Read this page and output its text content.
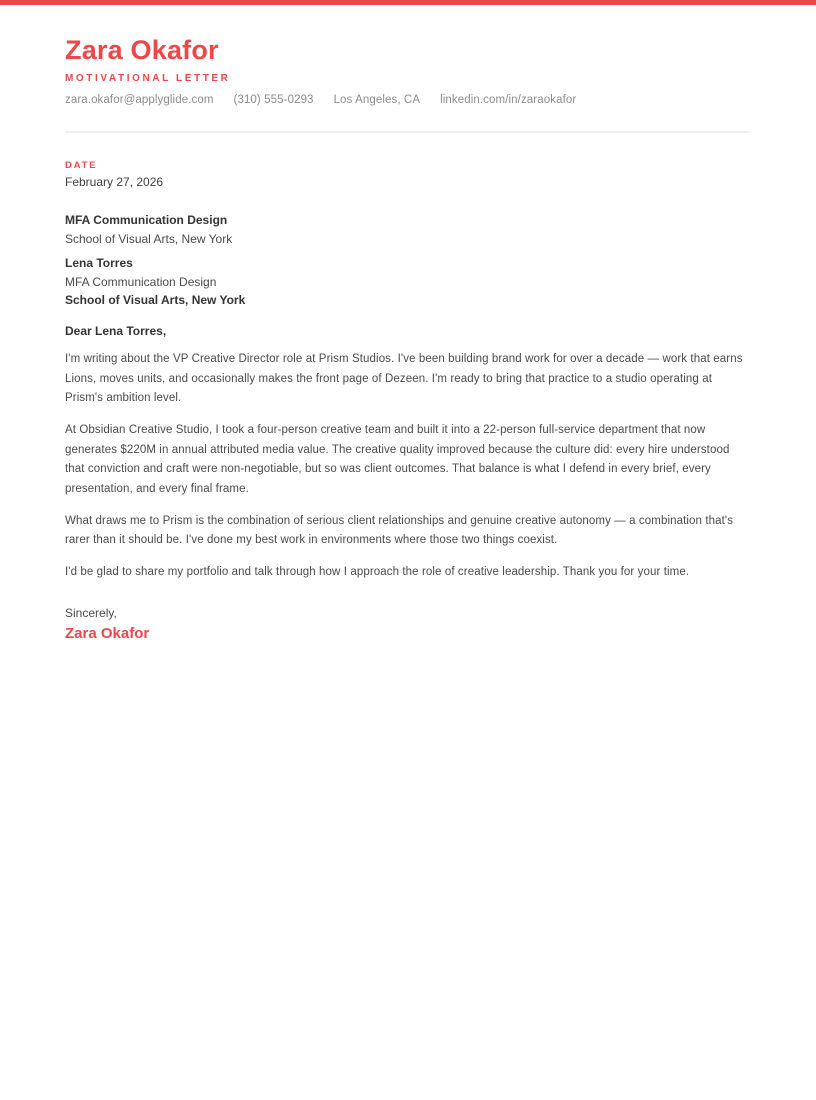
Zara Okafor
MOTIVATIONAL LETTER
zara.okafor@applyglide.com (310) 555-0293 Los Angeles, CA linkedin.com/in/zaraokafor
DATE
February 27, 2026
MFA Communication Design
School of Visual Arts, New York
Lena Torres
MFA Communication Design
School of Visual Arts, New York
Dear Lena Torres,

I'm writing about the VP Creative Director role at Prism Studios. I've been building brand work for over a decade — work that earns Lions, moves units, and occasionally makes the front page of Dezeen. I'm ready to bring that practice to a studio operating at Prism's ambition level.

At Obsidian Creative Studio, I took a four-person creative team and built it into a 22-person full-service department that now generates $220M in annual attributed media value. The creative quality improved because the culture did: every hire understood that conviction and craft were non-negotiable, but so was client outcomes. That balance is what I defend in every brief, every presentation, and every final frame.

What draws me to Prism is the combination of serious client relationships and genuine creative autonomy — a combination that's rarer than it should be. I've done my best work in environments where those two things coexist.

I'd be glad to share my portfolio and talk through how I approach the role of creative leadership. Thank you for your time.

Sincerely,
Zara Okafor
